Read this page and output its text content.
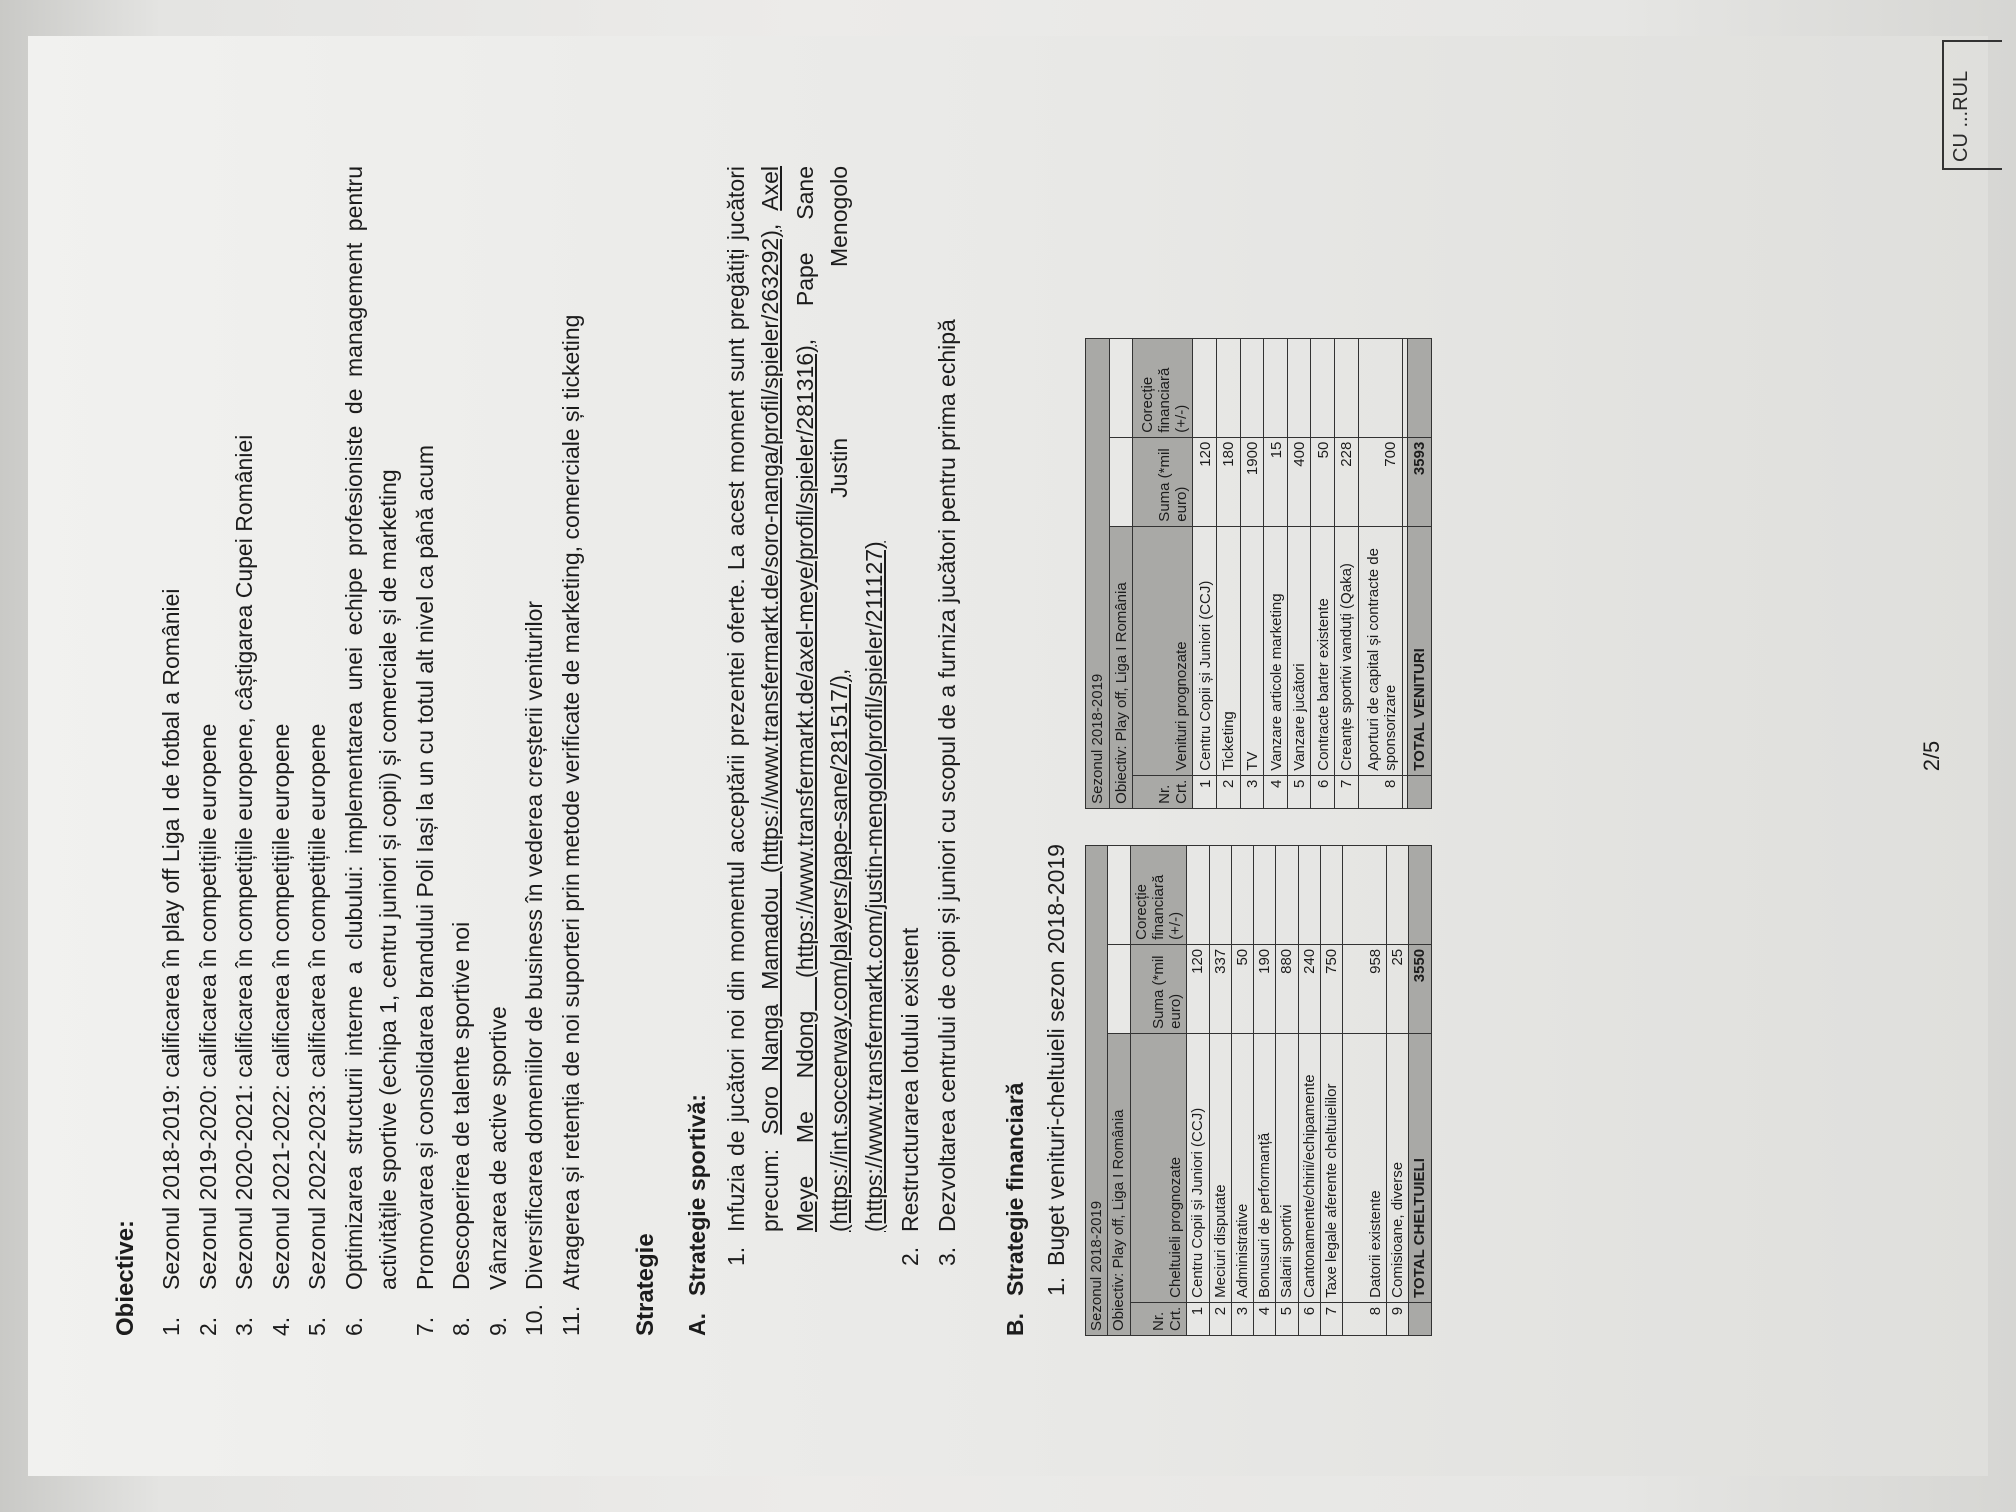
Obiective: 1.Sezonul 2018-2019: calificarea în play off Liga I de fotbal a României
2.Sezonul 2019-2020: calificarea în competițiile europene
3.Sezonul 2020-2021: calificarea în competițiile europene, câștigarea Cupei României
4.Sezonul 2021-2022: calificarea în competițiile europene
5.Sezonul 2022-2023: calificarea în competițiile europene
6.Optimizarea structurii interne a clubului: implementarea unei echipe profesioniste de management pentru activitățile sportive (echipa 1, centru juniori și copii) și comerciale și de marketing
7.Promovarea și consolidarea brandului Poli Iași la un cu totul alt nivel ca până acum
8.Descoperirea de talente sportive noi
9.Vânzarea de active sportive
10.Diversificarea domeniilor de business în vederea creșterii veniturilor
11.Atragerea și retenția de noi suporteri prin metode verificate de marketing, comerciale și ticketing Strategie A.Strategie sportivă: 1.Infuzia de jucători noi din momentul acceptării prezentei oferte. La acest moment sunt pregătiți jucători precum: Soro Nanga Mamadou (https://www.transfermarkt.de/soro-nanga/profil/spieler/263292), Axel Meye Me Ndong (https://www.transfermarkt.de/axel-meye/profil/spieler/281316), Pape Sane (https://int.soccerway.com/players/pape-sane/281517/), Justin Menogolo (https://www.transfermarkt.com/justin-mengolo/profil/spieler/211127)
2.Restructurarea lotului existent
3.Dezvoltarea centrului de copii și juniori cu scopul de a furniza jucători pentru prima echipă
B.Strategie financiară 1.Buget venituri-cheltuieli sezon 2018-2019	Sezonul 2018-2019			
Obiectiv: Play off, Liga I România			
Nr. Crt.	Cheltuieli prognozate	Suma (*mil euro)	Corecție financiară (+/-)
1	Centru Copii și Juniori (CCJ)	120	
2	Meciuri disputate	337	
3	Administrative	50	
4	Bonusuri de performanță	190	
5	Salarii sportivi	880	
6	Cantonamente/chirii/echipamente	240	
7	Taxe legale aferente cheltuielilor	750	
8	Datorii existente	958	
9	Comisioane, diverse	25	
	TOTAL CHELTUIELI	3550	
Sezonul 2018-2019			
Obiectiv: Play off, Liga I România			
Nr. Crt.	Venituri prognozate	Suma (*mil euro)	Corecție financiară (+/-)
1	Centru Copii și Juniori (CCJ)	120	
2	Ticketing	180	
3	TV	1900	
4	Vanzare articole marketing	15	
5	Vanzare jucători	400	
6	Contracte barter existente	50	
7	Creanțe sportivi vanduți (Qaka)	228	
8	Aporturi de capital și contracte de sponsorizare	700	

	TOTAL VENITURI	3593	
2/5
CU ...RUL
